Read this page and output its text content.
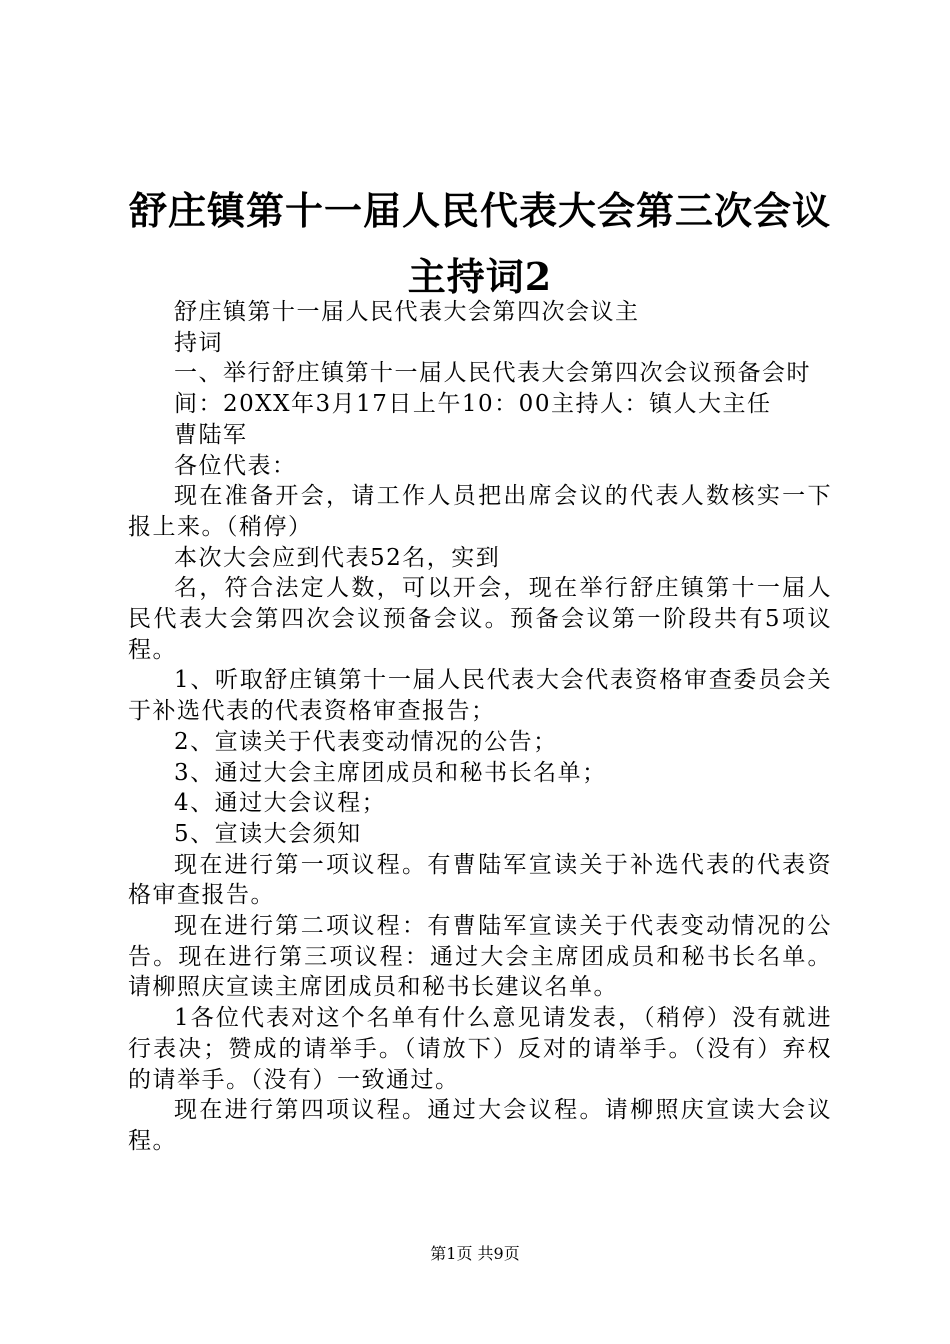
舒庄镇第十一届人民代表大会第三次会议主持词2

舒庄镇第十一届人民代表大会第四次会议主

持词

一、举行舒庄镇第十一届人民代表大会第四次会议预备会时

间：20XX年3月17日上午10：00主持人：镇人大主任

曹陆军

各位代表：

现在准备开会，请工作人员把出席会议的代表人数核实一下报上来。（稍停）

本次大会应到代表52名，实到

名，符合法定人数，可以开会，现在举行舒庄镇第十一届人民代表大会第四次会议预备会议。预备会议第一阶段共有5项议程。

1、听取舒庄镇第十一届人民代表大会代表资格审查委员会关于补选代表的代表资格审查报告；

2、宣读关于代表变动情况的公告；

3、通过大会主席团成员和秘书长名单；

4、通过大会议程；

5、宣读大会须知

现在进行第一项议程。有曹陆军宣读关于补选代表的代表资格审查报告。

现在进行第二项议程：有曹陆军宣读关于代表变动情况的公告。现在进行第三项议程：通过大会主席团成员和秘书长名单。请柳照庆宣读主席团成员和秘书长建议名单。

1各位代表对这个名单有什么意见请发表，（稍停）没有就进行表决；赞成的请举手。（请放下）反对的请举手。（没有）弃权的请举手。（没有）一致通过。

现在进行第四项议程。通过大会议程。请柳照庆宣读大会议程。

第1页 共9页
